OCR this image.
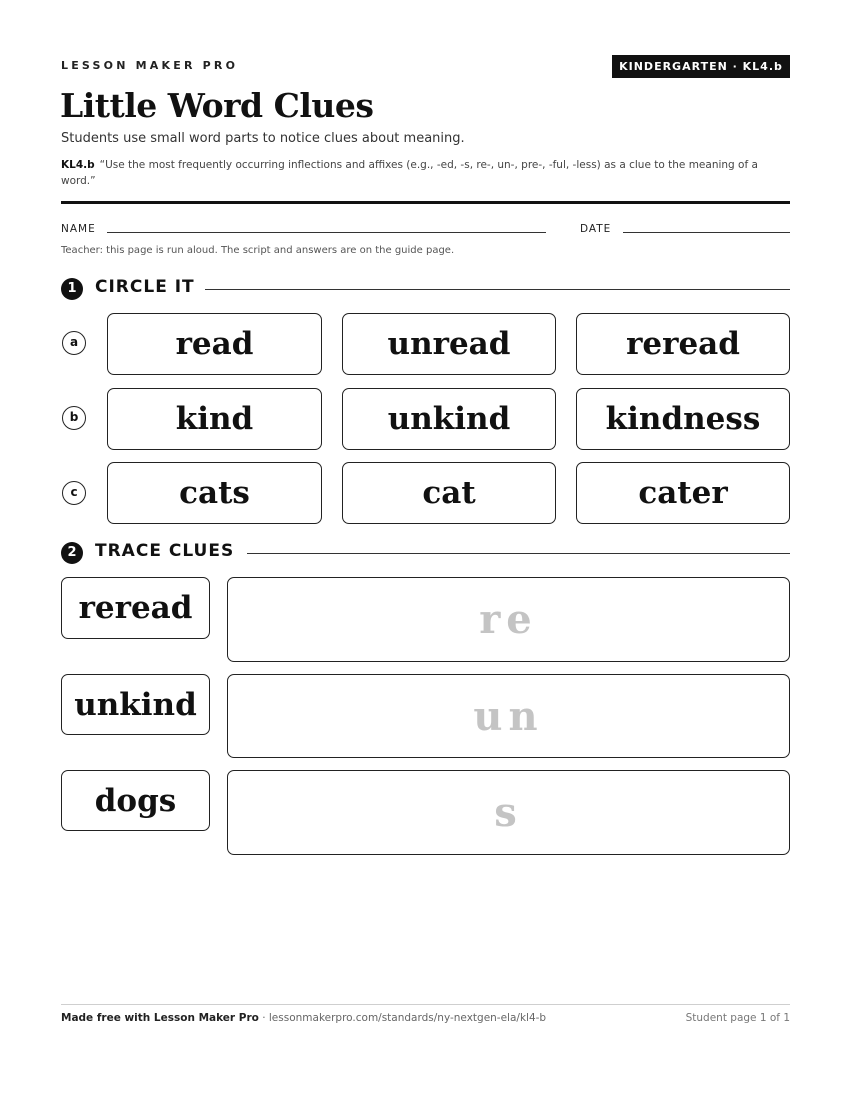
LESSON MAKER PRO	KINDERGARTEN · KL4.b
Little Word Clues
Students use small word parts to notice clues about meaning.
KL4.b “Use the most frequently occurring inflections and affixes (e.g., -ed, -s, re-, un-, pre-, -ful, -less) as a clue to the meaning of a word.”
NAME	DATE
Teacher: this page is run aloud. The script and answers are on the guide page.
1	CIRCLE IT
a	read	unread	reread
b	kind	unkind	kindness
c	cats	cat	cater
2	TRACE CLUES
reread	re
unkind	un
dogs	s
Made free with Lesson Maker Pro · lessonmakerpro.com/standards/ny-nextgen-ela/kl4-b	Student page 1 of 1
